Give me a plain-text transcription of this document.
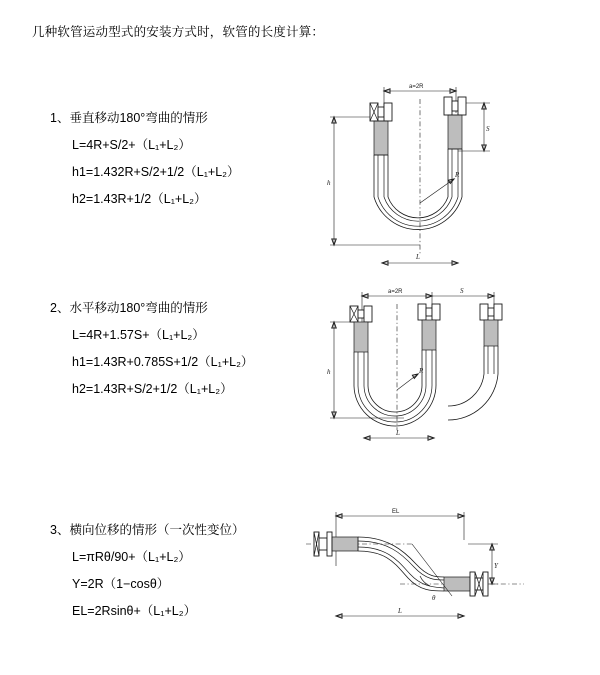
几种软管运动型式的安装方式时，软管的长度计算：

1、垂直移动180°弯曲的情形

L=4R+S/2+（L₁+L₂）

h1=1.432R+S/2+1/2（L₁+L₂）

h2=1.43R+1/2（L₁+L₂）

a=2R
h
S
R
L

2、水平移动180°弯曲的情形

L=4R+1.57S+（L₁+L₂）

h1=1.43R+0.785S+1/2（L₁+L₂）

h2=1.43R+S/2+1/2（L₁+L₂）

a=2R	S
h	R
L

3、横向位移的情形（一次性变位）

L=πRθ/90+（L₁+L₂）

Y=2R（1−cosθ）

EL=2Rsinθ+（L₁+L₂）

EL
Y
θ
L
